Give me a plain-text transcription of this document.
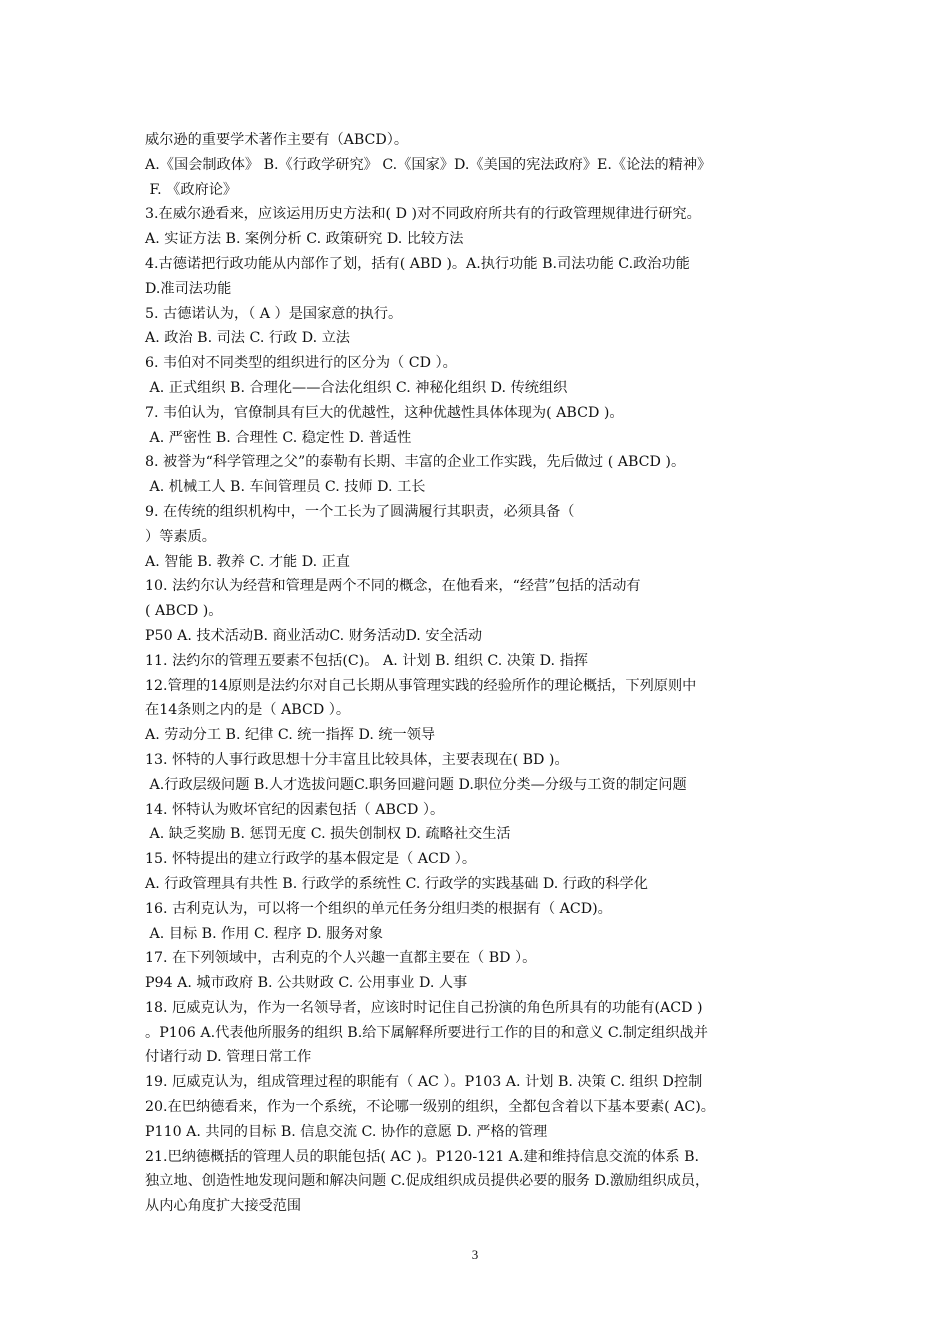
威尔逊的重要学术著作主要有（ABCD）。
A.《国会制政体》 B.《行政学研究》 C.《国家》D.《美国的宪法政府》E.《论法的精神》
F. 《政府论》
3.在威尔逊看来，应该运用历史方法和( D )对不同政府所共有的行政管理规律进行研究。
A. 实证方法 B. 案例分析 C. 政策研究 D. 比较方法
4.古德诺把行政功能从内部作了划，括有( ABD )。A.执行功能 B.司法功能 C.政治功能
D.准司法功能
5. 古德诺认为，（ A ）是国家意的执行。
A. 政治 B. 司法 C. 行政 D. 立法
6. 韦伯对不同类型的组织进行的区分为（ CD ）。
A. 正式组织 B. 合理化——合法化组织 C. 神秘化组织 D. 传统组织
7. 韦伯认为，官僚制具有巨大的优越性，这种优越性具体体现为( ABCD )。
A. 严密性 B. 合理性 C. 稳定性 D. 普适性
8. 被誉为“科学管理之父”的泰勒有长期、丰富的企业工作实践，先后做过 ( ABCD )。
A. 机械工人 B. 车间管理员 C. 技师 D. 工长
9. 在传统的组织机构中，一个工长为了圆满履行其职责，必须具备（
）等素质。
A. 智能 B. 教养 C. 才能 D. 正直
10. 法约尔认为经营和管理是两个不同的概念，在他看来，“经营”包括的活动有
( ABCD )。
P50 A. 技术活动B. 商业活动C. 财务活动D. 安全活动
11. 法约尔的管理五要素不包括(C)。 A. 计划 B. 组织 C. 决策 D. 指挥
12.管理的14原则是法约尔对自己长期从事管理实践的经验所作的理论概括，下列原则中
在14条则之内的是（ ABCD ）。
A. 劳动分工 B. 纪律 C. 统一指挥 D. 统一领导
13. 怀特的人事行政思想十分丰富且比较具体，主要表现在( BD )。
A.行政层级问题 B.人才选拔问题C.职务回避问题 D.职位分类—分级与工资的制定问题
14. 怀特认为败坏官纪的因素包括（ ABCD ）。
A. 缺乏奖励 B. 惩罚无度 C. 损失创制权 D. 疏略社交生活
15. 怀特提出的建立行政学的基本假定是（ ACD ）。
A. 行政管理具有共性 B. 行政学的系统性 C. 行政学的实践基础 D. 行政的科学化
16. 古利克认为，可以将一个组织的单元任务分组归类的根据有（ ACD)。
A. 目标 B. 作用 C. 程序 D. 服务对象
17. 在下列领域中，古利克的个人兴趣一直都主要在（ BD ）。
P94 A. 城市政府 B. 公共财政 C. 公用事业 D. 人事
18. 厄威克认为，作为一名领导者，应该时时记住自己扮演的角色所具有的功能有(ACD )
。P106 A.代表他所服务的组织 B.给下属解释所要进行工作的目的和意义 C.制定组织战并
付诸行动 D. 管理日常工作
19. 厄威克认为，组成管理过程的职能有（ AC ）。P103 A. 计划 B. 决策 C. 组织 D控制
20.在巴纳德看来，作为一个系统，不论哪一级别的组织，全都包含着以下基本要素( AC)。
P110 A. 共同的目标 B. 信息交流 C. 协作的意愿 D. 严格的管理
21.巴纳德概括的管理人员的职能包括( AC )。P120-121 A.建和维持信息交流的体系 B.
独立地、创造性地发现问题和解决问题 C.促成组织成员提供必要的服务 D.激励组织成员，
从内心角度扩大接受范围
3
